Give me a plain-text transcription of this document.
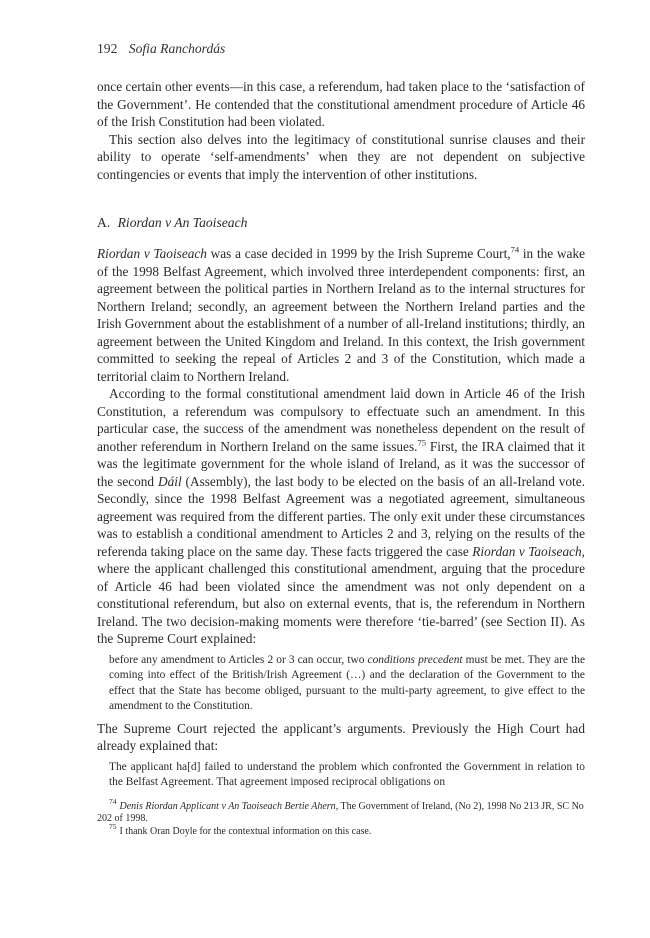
192 Sofia Ranchordás

once certain other events—in this case, a referendum, had taken place to the ‘satisfaction of the Government’. He contended that the constitutional amendment procedure of Article 46 of the Irish Constitution had been violated.

This section also delves into the legitimacy of constitutional sunrise clauses and their ability to operate ‘self-amendments’ when they are not dependent on subjective contingencies or events that imply the intervention of other institutions.

A. Riordan v An Taoiseach

Riordan v Taoiseach was a case decided in 1999 by the Irish Supreme Court,$^{74}$ in the wake of the 1998 Belfast Agreement, which involved three interdependent components: first, an agreement between the political parties in Northern Ireland as to the internal structures for Northern Ireland; secondly, an agreement between the Northern Ireland parties and the Irish Government about the establishment of a number of all-Ireland institutions; thirdly, an agreement between the United Kingdom and Ireland. In this context, the Irish government committed to seeking the repeal of Articles 2 and 3 of the Constitution, which made a territorial claim to Northern Ireland.

According to the formal constitutional amendment laid down in Article 46 of the Irish Constitution, a referendum was compulsory to effectuate such an amendment. In this particular case, the success of the amendment was nonetheless dependent on the result of another referendum in Northern Ireland on the same issues.$^{75}$ First, the IRA claimed that it was the legitimate government for the whole island of Ireland, as it was the successor of the second Dáil (Assembly), the last body to be elected on the basis of an all-Ireland vote. Secondly, since the 1998 Belfast Agreement was a negotiated agreement, simultaneous agreement was required from the different parties. The only exit under these circumstances was to establish a conditional amendment to Articles 2 and 3, relying on the results of the referenda taking place on the same day. These facts triggered the case Riordan v Taoiseach, where the applicant challenged this constitutional amendment, arguing that the procedure of Article 46 had been violated since the amendment was not only dependent on a constitutional referendum, but also on external events, that is, the referendum in Northern Ireland. The two decision-making moments were therefore ‘tie-barred’ (see Section II). As the Supreme Court explained:

before any amendment to Articles 2 or 3 can occur, two conditions precedent must be met. They are the coming into effect of the British/Irish Agreement (…) and the declaration of the Government to the effect that the State has become obliged, pursuant to the multi-party agreement, to give effect to the amendment to the Constitution.

The Supreme Court rejected the applicant’s arguments. Previously the High Court had already explained that:

The applicant ha[d] failed to understand the problem which confronted the Government in relation to the Belfast Agreement. That agreement imposed reciprocal obligations on

$^{74}$ Denis Riordan Applicant v An Taoiseach Bertie Ahern, The Government of Ireland, (No 2), 1998 No 213 JR, SC No 202 of 1998.

$^{75}$ I thank Oran Doyle for the contextual information on this case.
